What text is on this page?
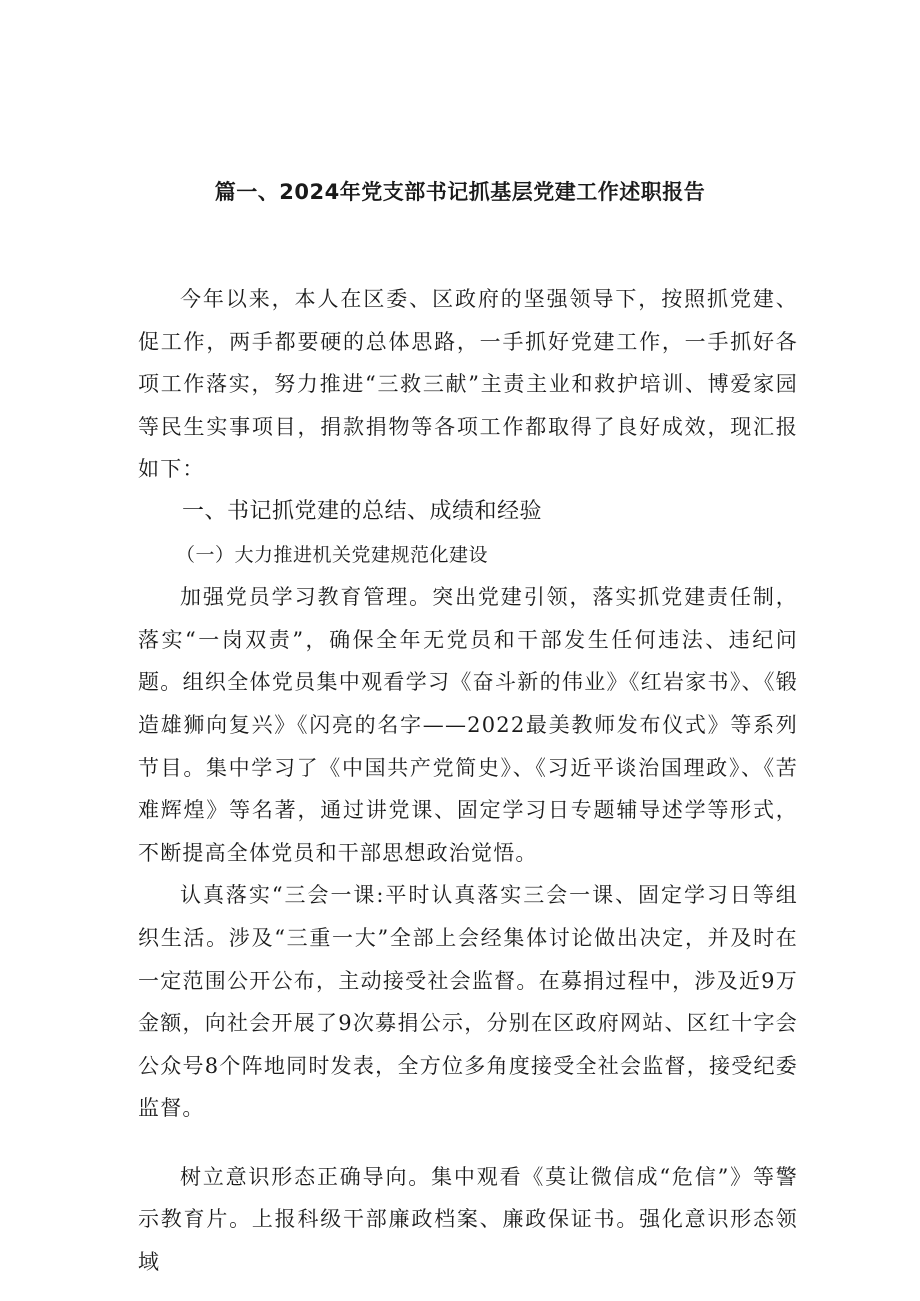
篇一、2024年党支部书记抓基层党建工作述职报告

今年以来，本人在区委、区政府的坚强领导下，按照抓党建、促工作，两手都要硬的总体思路，一手抓好党建工作，一手抓好各项工作落实，努力推进“三救三献”主责主业和救护培训、博爱家园等民生实事项目，捐款捐物等各项工作都取得了良好成效，现汇报如下：

一、书记抓党建的总结、成绩和经验

（一）大力推进机关党建规范化建设

加强党员学习教育管理。突出党建引领，落实抓党建责任制，落实“一岗双责”，确保全年无党员和干部发生任何违法、违纪问题。组织全体党员集中观看学习《奋斗新的伟业》《红岩家书》、《锻造雄狮向复兴》《闪亮的名字——2022最美教师发布仪式》等系列节目。集中学习了《中国共产党简史》、《习近平谈治国理政》、《苦难辉煌》等名著，通过讲党课、固定学习日专题辅导述学等形式，不断提高全体党员和干部思想政治觉悟。

认真落实“三会一课:平时认真落实三会一课、固定学习日等组织生活。涉及“三重一大”全部上会经集体讨论做出决定，并及时在一定范围公开公布，主动接受社会监督。在募捐过程中，涉及近9万金额，向社会开展了9次募捐公示，分别在区政府网站、区红十字会公众号8个阵地同时发表，全方位多角度接受全社会监督，接受纪委监督。

树立意识形态正确导向。集中观看《莫让微信成“危信”》等警示教育片。上报科级干部廉政档案、廉政保证书。强化意识形态领域
